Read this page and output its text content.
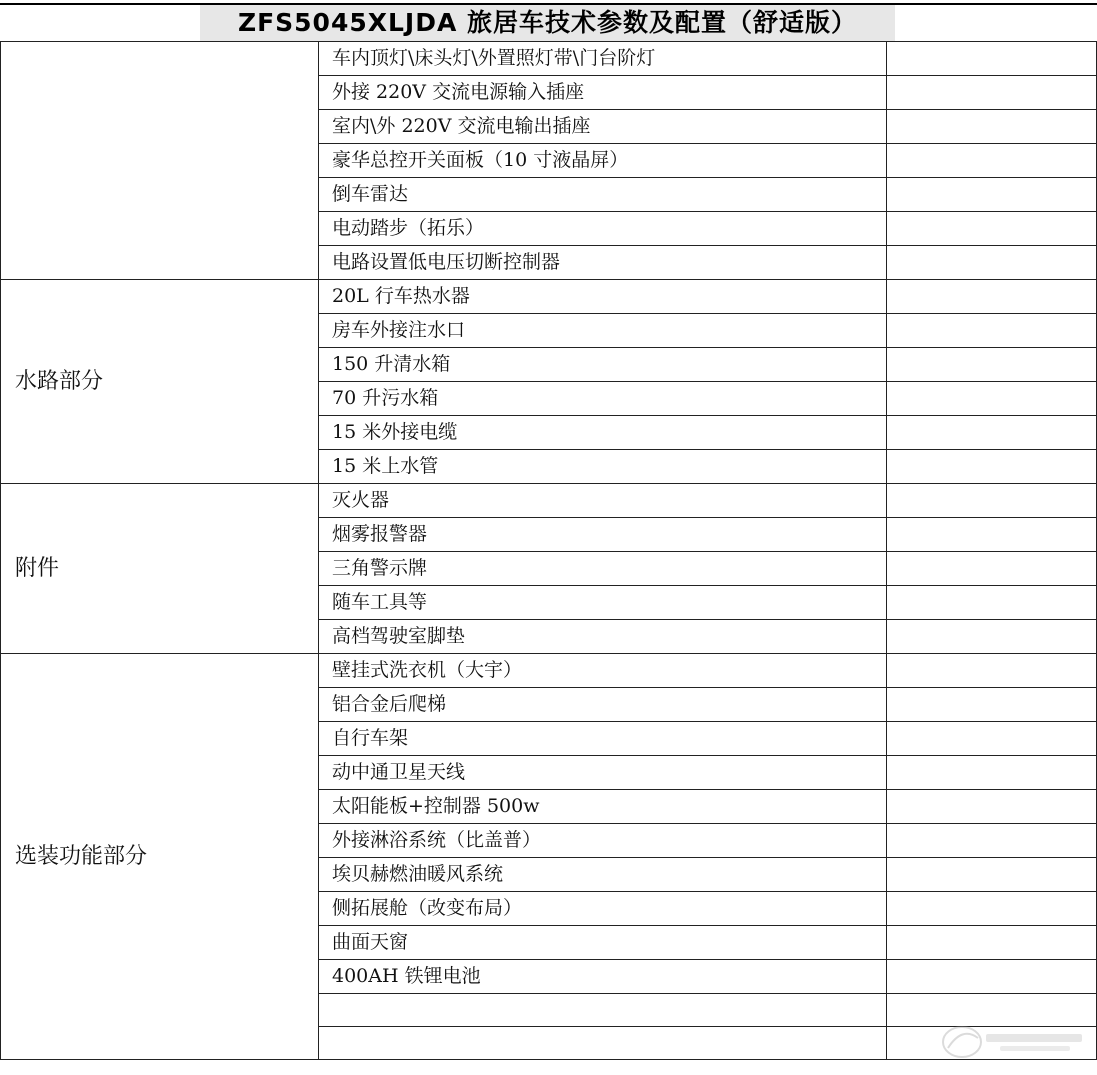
ZFS5045XLJDA 旅居车技术参数及配置（舒适版）
	车内顶灯\床头灯\外置照灯带\门台阶灯	
	外接 220V 交流电源输入插座	
	室内\外 220V 交流电输出插座	
	豪华总控开关面板（10 寸液晶屏）	
	倒车雷达	
	电动踏步（拓乐）	
	电路设置低电压切断控制器	
水路部分	20L 行车热水器	
	房车外接注水口	
	150 升清水箱	
	70 升污水箱	
	15 米外接电缆	
	15 米上水管	
附件	灭火器	
	烟雾报警器	
	三角警示牌	
	随车工具等	
	高档驾驶室脚垫	
选装功能部分	壁挂式洗衣机（大宇）	
	铝合金后爬梯	
	自行车架	
	动中通卫星天线	
	太阳能板+控制器 500w	
	外接淋浴系统（比盖普）	
	埃贝赫燃油暖风系统	
	侧拓展舱（改变布局）	
	曲面天窗	
	400AH 铁锂电池	
